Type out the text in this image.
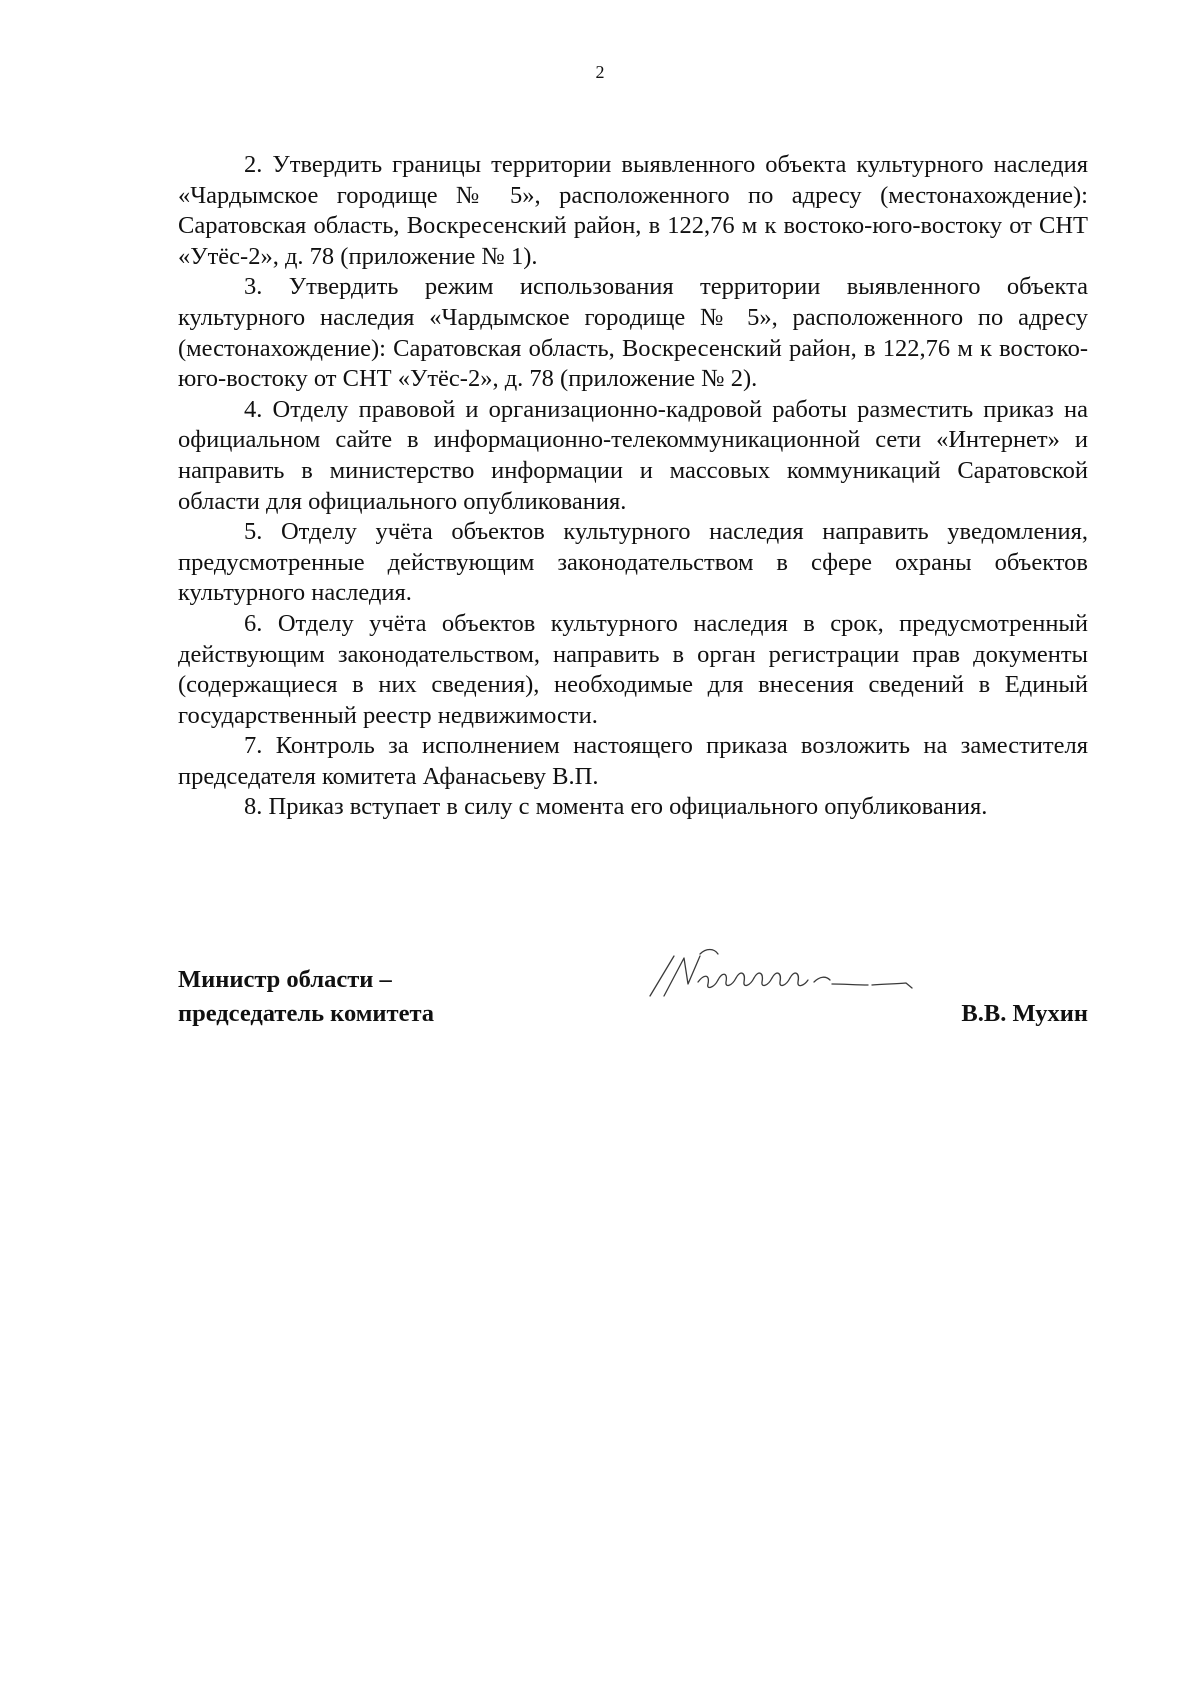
2

2. Утвердить границы территории выявленного объекта культурного наследия «Чардымское городище № 5», расположенного по адресу (местонахождение): Саратовская область, Воскресенский район, в 122,76 м к востоко-юго-востоку от СНТ «Утёс-2», д. 78 (приложение № 1).

3. Утвердить режим использования территории выявленного объекта культурного наследия «Чардымское городище № 5», расположенного по адресу (местонахождение): Саратовская область, Воскресенский район, в 122,76 м к востоко-юго-востоку от СНТ «Утёс-2», д. 78 (приложение № 2).

4. Отделу правовой и организационно-кадровой работы разместить приказ на официальном сайте в информационно-телекоммуникационной сети «Интернет» и направить в министерство информации и массовых коммуникаций Саратовской области для официального опубликования.

5. Отделу учёта объектов культурного наследия направить уведомления, предусмотренные действующим законодательством в сфере охраны объектов культурного наследия.

6. Отделу учёта объектов культурного наследия в срок, предусмотренный действующим законодательством, направить в орган регистрации прав документы (содержащиеся в них сведения), необходимые для внесения сведений в Единый государственный реестр недвижимости.

7. Контроль за исполнением настоящего приказа возложить на заместителя председателя комитета Афанасьеву В.П.

8. Приказ вступает в силу с момента его официального опубликования.

Министр области –
председатель комитета	В.В. Мухин
